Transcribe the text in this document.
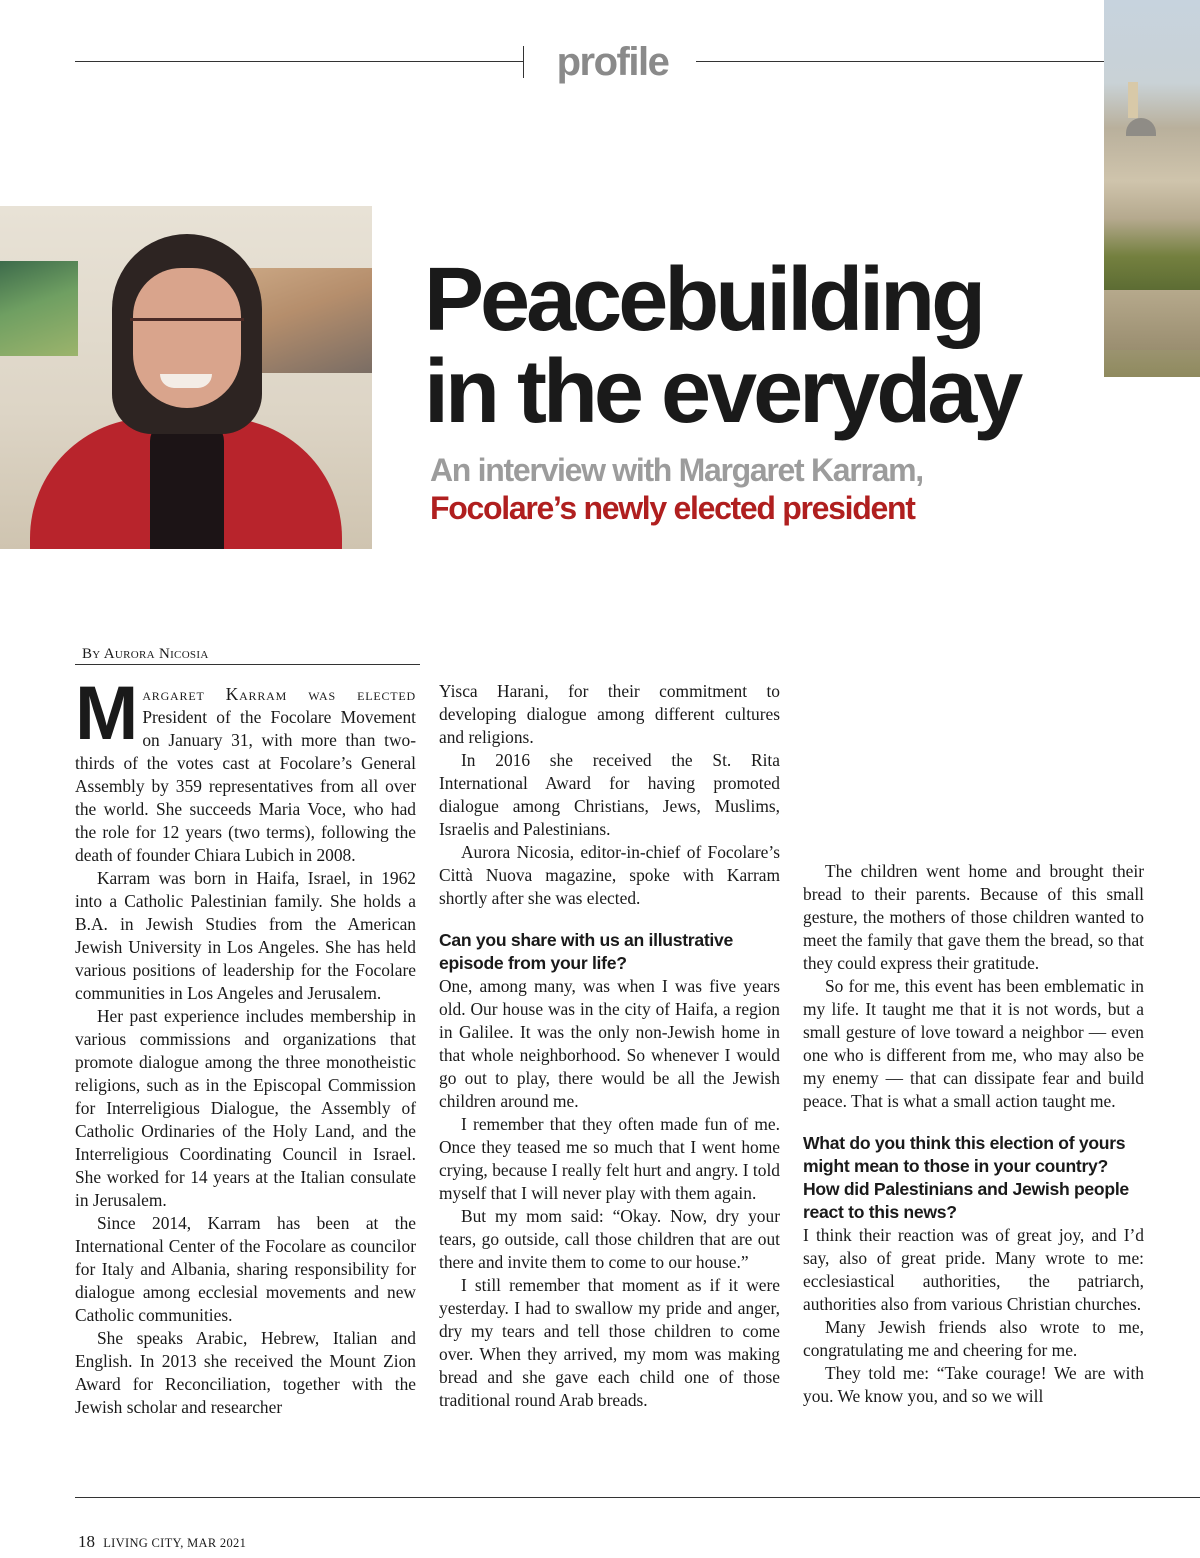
profile
Peacebuilding
in the everyday
An interview with Margaret Karram,
Focolare’s newly elected president
By Aurora Nicosia

Margaret Karram was elected President of the Focolare Movement on January 31, with more than two-thirds of the votes cast at Focolare’s General Assembly by 359 representatives from all over the world. She succeeds Maria Voce, who had the role for 12 years (two terms), following the death of founder Chiara Lubich in 2008.

Karram was born in Haifa, Israel, in 1962 into a Catholic Palestinian family. She holds a B.A. in Jewish Studies from the American Jewish University in Los Angeles. She has held various positions of leadership for the Focolare communities in Los Angeles and Jerusalem.

Her past experience includes membership in various commissions and organizations that promote dialogue among the three monotheistic religions, such as in the Episcopal Commission for Interreligious Dialogue, the Assembly of Catholic Ordinaries of the Holy Land, and the Interreligious Coordinating Council in Israel. She worked for 14 years at the Italian consulate in Jerusalem.

Since 2014, Karram has been at the International Center of the Focolare as councilor for Italy and Albania, sharing responsibility for dialogue among ecclesial movements and new Catholic communities.

She speaks Arabic, Hebrew, Italian and English. In 2013 she received the Mount Zion Award for Reconciliation, together with the Jewish scholar and researcher

Yisca Harani, for their commitment to developing dialogue among different cultures and religions.

In 2016 she received the St. Rita International Award for having promoted dialogue among Christians, Jews, Muslims, Israelis and Palestinians.

Aurora Nicosia, editor-in-chief of Focolare’s Città Nuova magazine, spoke with Karram shortly after she was elected.

Can you share with us an illustrative episode from your life?

One, among many, was when I was five years old. Our house was in the city of Haifa, a region in Galilee. It was the only non-Jewish home in that whole neighborhood. So whenever I would go out to play, there would be all the Jewish children around me.

I remember that they often made fun of me. Once they teased me so much that I went home crying, because I really felt hurt and angry. I told myself that I will never play with them again.

But my mom said: “Okay. Now, dry your tears, go outside, call those children that are out there and invite them to come to our house.”

I still remember that moment as if it were yesterday. I had to swallow my pride and anger, dry my tears and tell those children to come over. When they arrived, my mom was making bread and she gave each child one of those traditional round Arab breads.

The children went home and brought their bread to their parents. Because of this small gesture, the mothers of those children wanted to meet the family that gave them the bread, so that they could express their gratitude.

So for me, this event has been emblematic in my life. It taught me that it is not words, but a small gesture of love toward a neighbor — even one who is different from me, who may also be my enemy — that can dissipate fear and build peace. That is what a small action taught me.

What do you think this election of yours might mean to those in your country? How did Palestinians and Jewish people react to this news?

I think their reaction was of great joy, and I’d say, also of great pride. Many wrote to me: ecclesiastical authorities, the patriarch, authorities also from various Christian churches.

Many Jewish friends also wrote to me, congratulating me and cheering for me.

They told me: “Take courage! We are with you. We know you, and so we will

18 LIVING CITY, MAR 2021
